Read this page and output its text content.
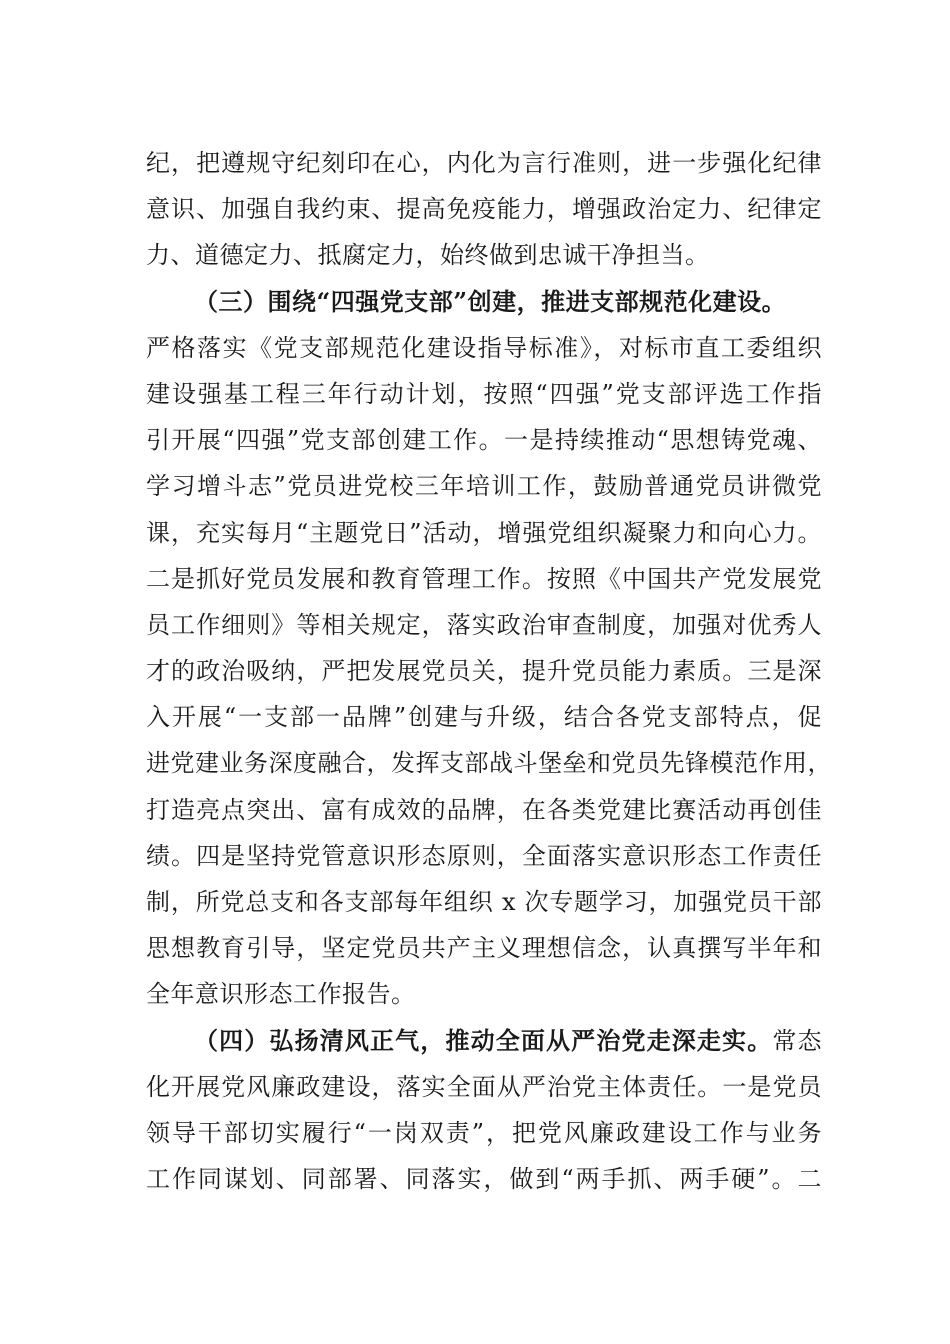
纪，把遵规守纪刻印在心，内化为言行准则，进一步强化纪律
意识、加强自我约束、提高免疫能力，增强政治定力、纪律定
力、道德定力、抵腐定力，始终做到忠诚干净担当。
（三）围绕“四强党支部”创建，推进支部规范化建设。
严格落实《党支部规范化建设指导标准》，对标市直工委组织
建设强基工程三年行动计划，按照“四强”党支部评选工作指
引开展“四强”党支部创建工作。一是持续推动“思想铸党魂、
学习增斗志”党员进党校三年培训工作，鼓励普通党员讲微党
课，充实每月“主题党日”活动，增强党组织凝聚力和向心力。
二是抓好党员发展和教育管理工作。按照《中国共产党发展党
员工作细则》等相关规定，落实政治审查制度，加强对优秀人
才的政治吸纳，严把发展党员关，提升党员能力素质。三是深
入开展“一支部一品牌”创建与升级，结合各党支部特点，促
进党建业务深度融合，发挥支部战斗堡垒和党员先锋模范作用，
打造亮点突出、富有成效的品牌，在各类党建比赛活动再创佳
绩。四是坚持党管意识形态原则，全面落实意识形态工作责任
制，所党总支和各支部每年组织 x 次专题学习，加强党员干部
思想教育引导，坚定党员共产主义理想信念，认真撰写半年和
全年意识形态工作报告。
（四）弘扬清风正气，推动全面从严治党走深走实。常态
化开展党风廉政建设，落实全面从严治党主体责任。一是党员
领导干部切实履行“一岗双责”，把党风廉政建设工作与业务
工作同谋划、同部署、同落实，做到“两手抓、两手硬”。二
